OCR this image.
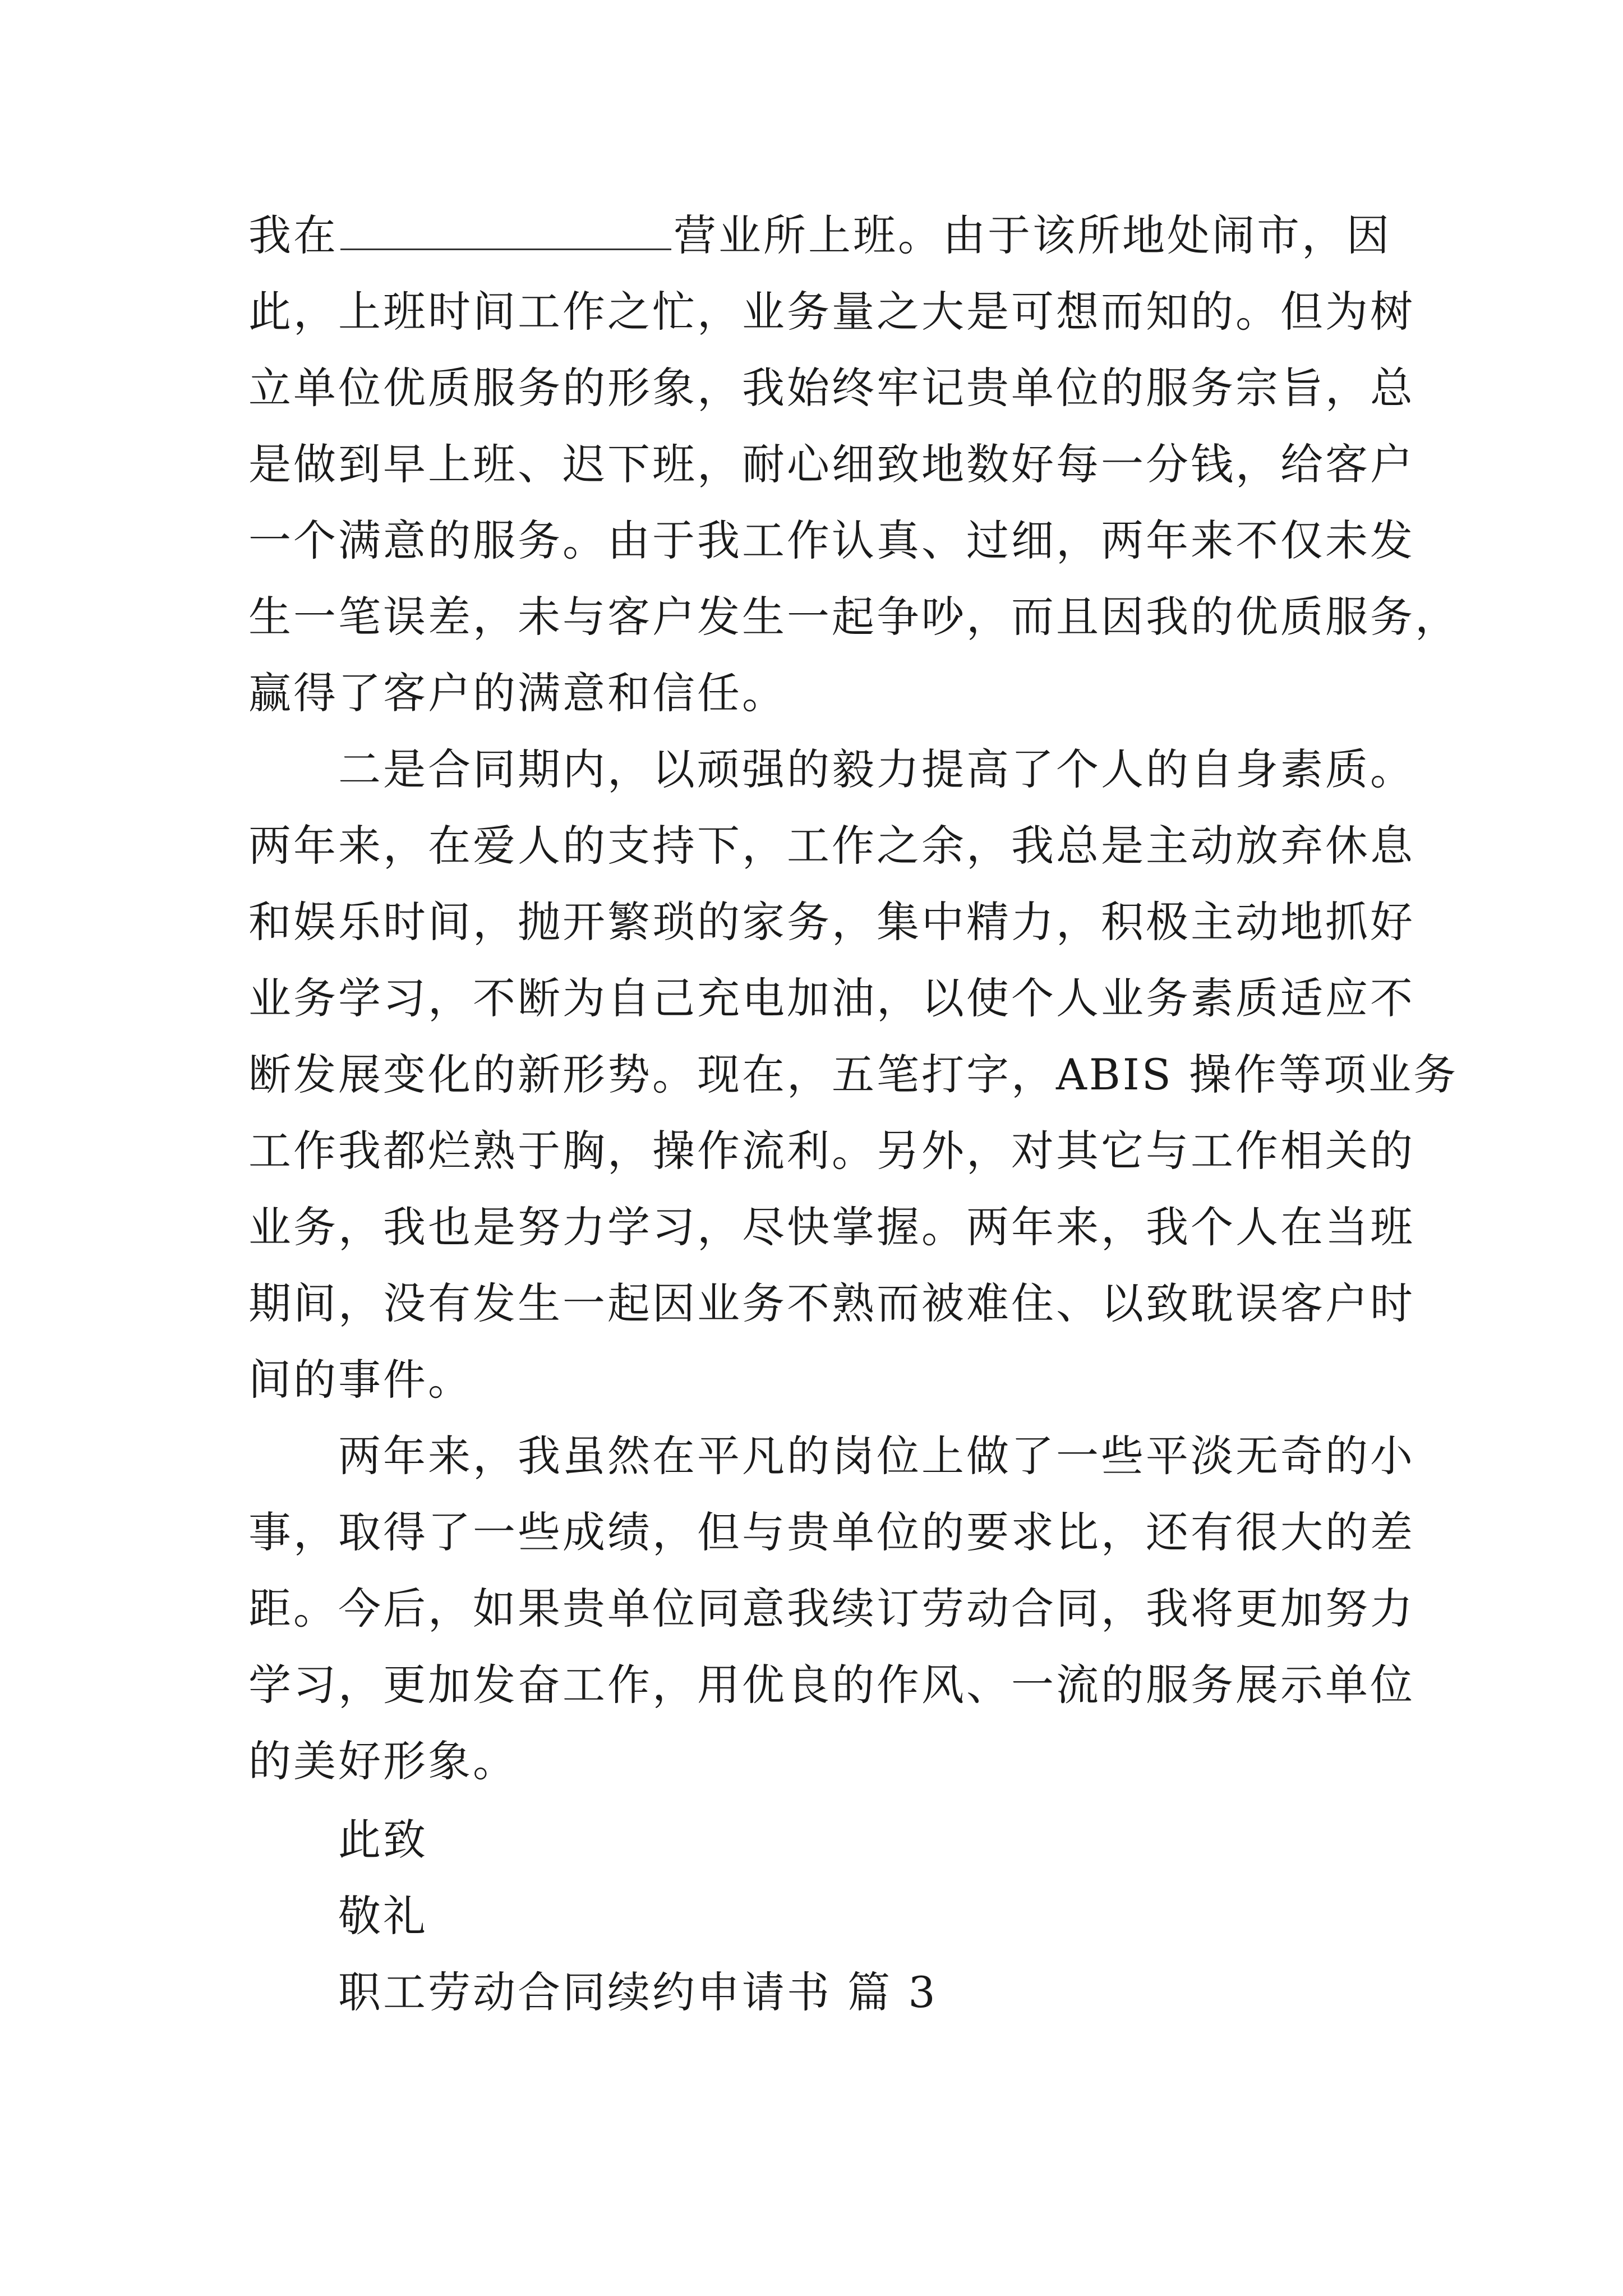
我在	营业所上班。由于该所地处闹市，因

此，上班时间工作之忙，业务量之大是可想而知的。但为树

立单位优质服务的形象，我始终牢记贵单位的服务宗旨，总

是做到早上班、迟下班，耐心细致地数好每一分钱，给客户

一个满意的服务。由于我工作认真、过细，两年来不仅未发

生一笔误差，未与客户发生一起争吵，而且因我的优质服务，

赢得了客户的满意和信任。

二是合同期内，以顽强的毅力提高了个人的自身素质。

两年来，在爱人的支持下，工作之余，我总是主动放弃休息

和娱乐时间，抛开繁琐的家务，集中精力，积极主动地抓好

业务学习，不断为自己充电加油，以使个人业务素质适应不

断发展变化的新形势。现在，五笔打字，ABIS 操作等项业务

工作我都烂熟于胸，操作流利。另外，对其它与工作相关的

业务，我也是努力学习，尽快掌握。两年来，我个人在当班

期间，没有发生一起因业务不熟而被难住、以致耽误客户时

间的事件。

两年来，我虽然在平凡的岗位上做了一些平淡无奇的小

事，取得了一些成绩，但与贵单位的要求比，还有很大的差

距。今后，如果贵单位同意我续订劳动合同，我将更加努力

学习，更加发奋工作，用优良的作风、一流的服务展示单位

的美好形象。

此致

敬礼

职工劳动合同续约申请书 篇 3
